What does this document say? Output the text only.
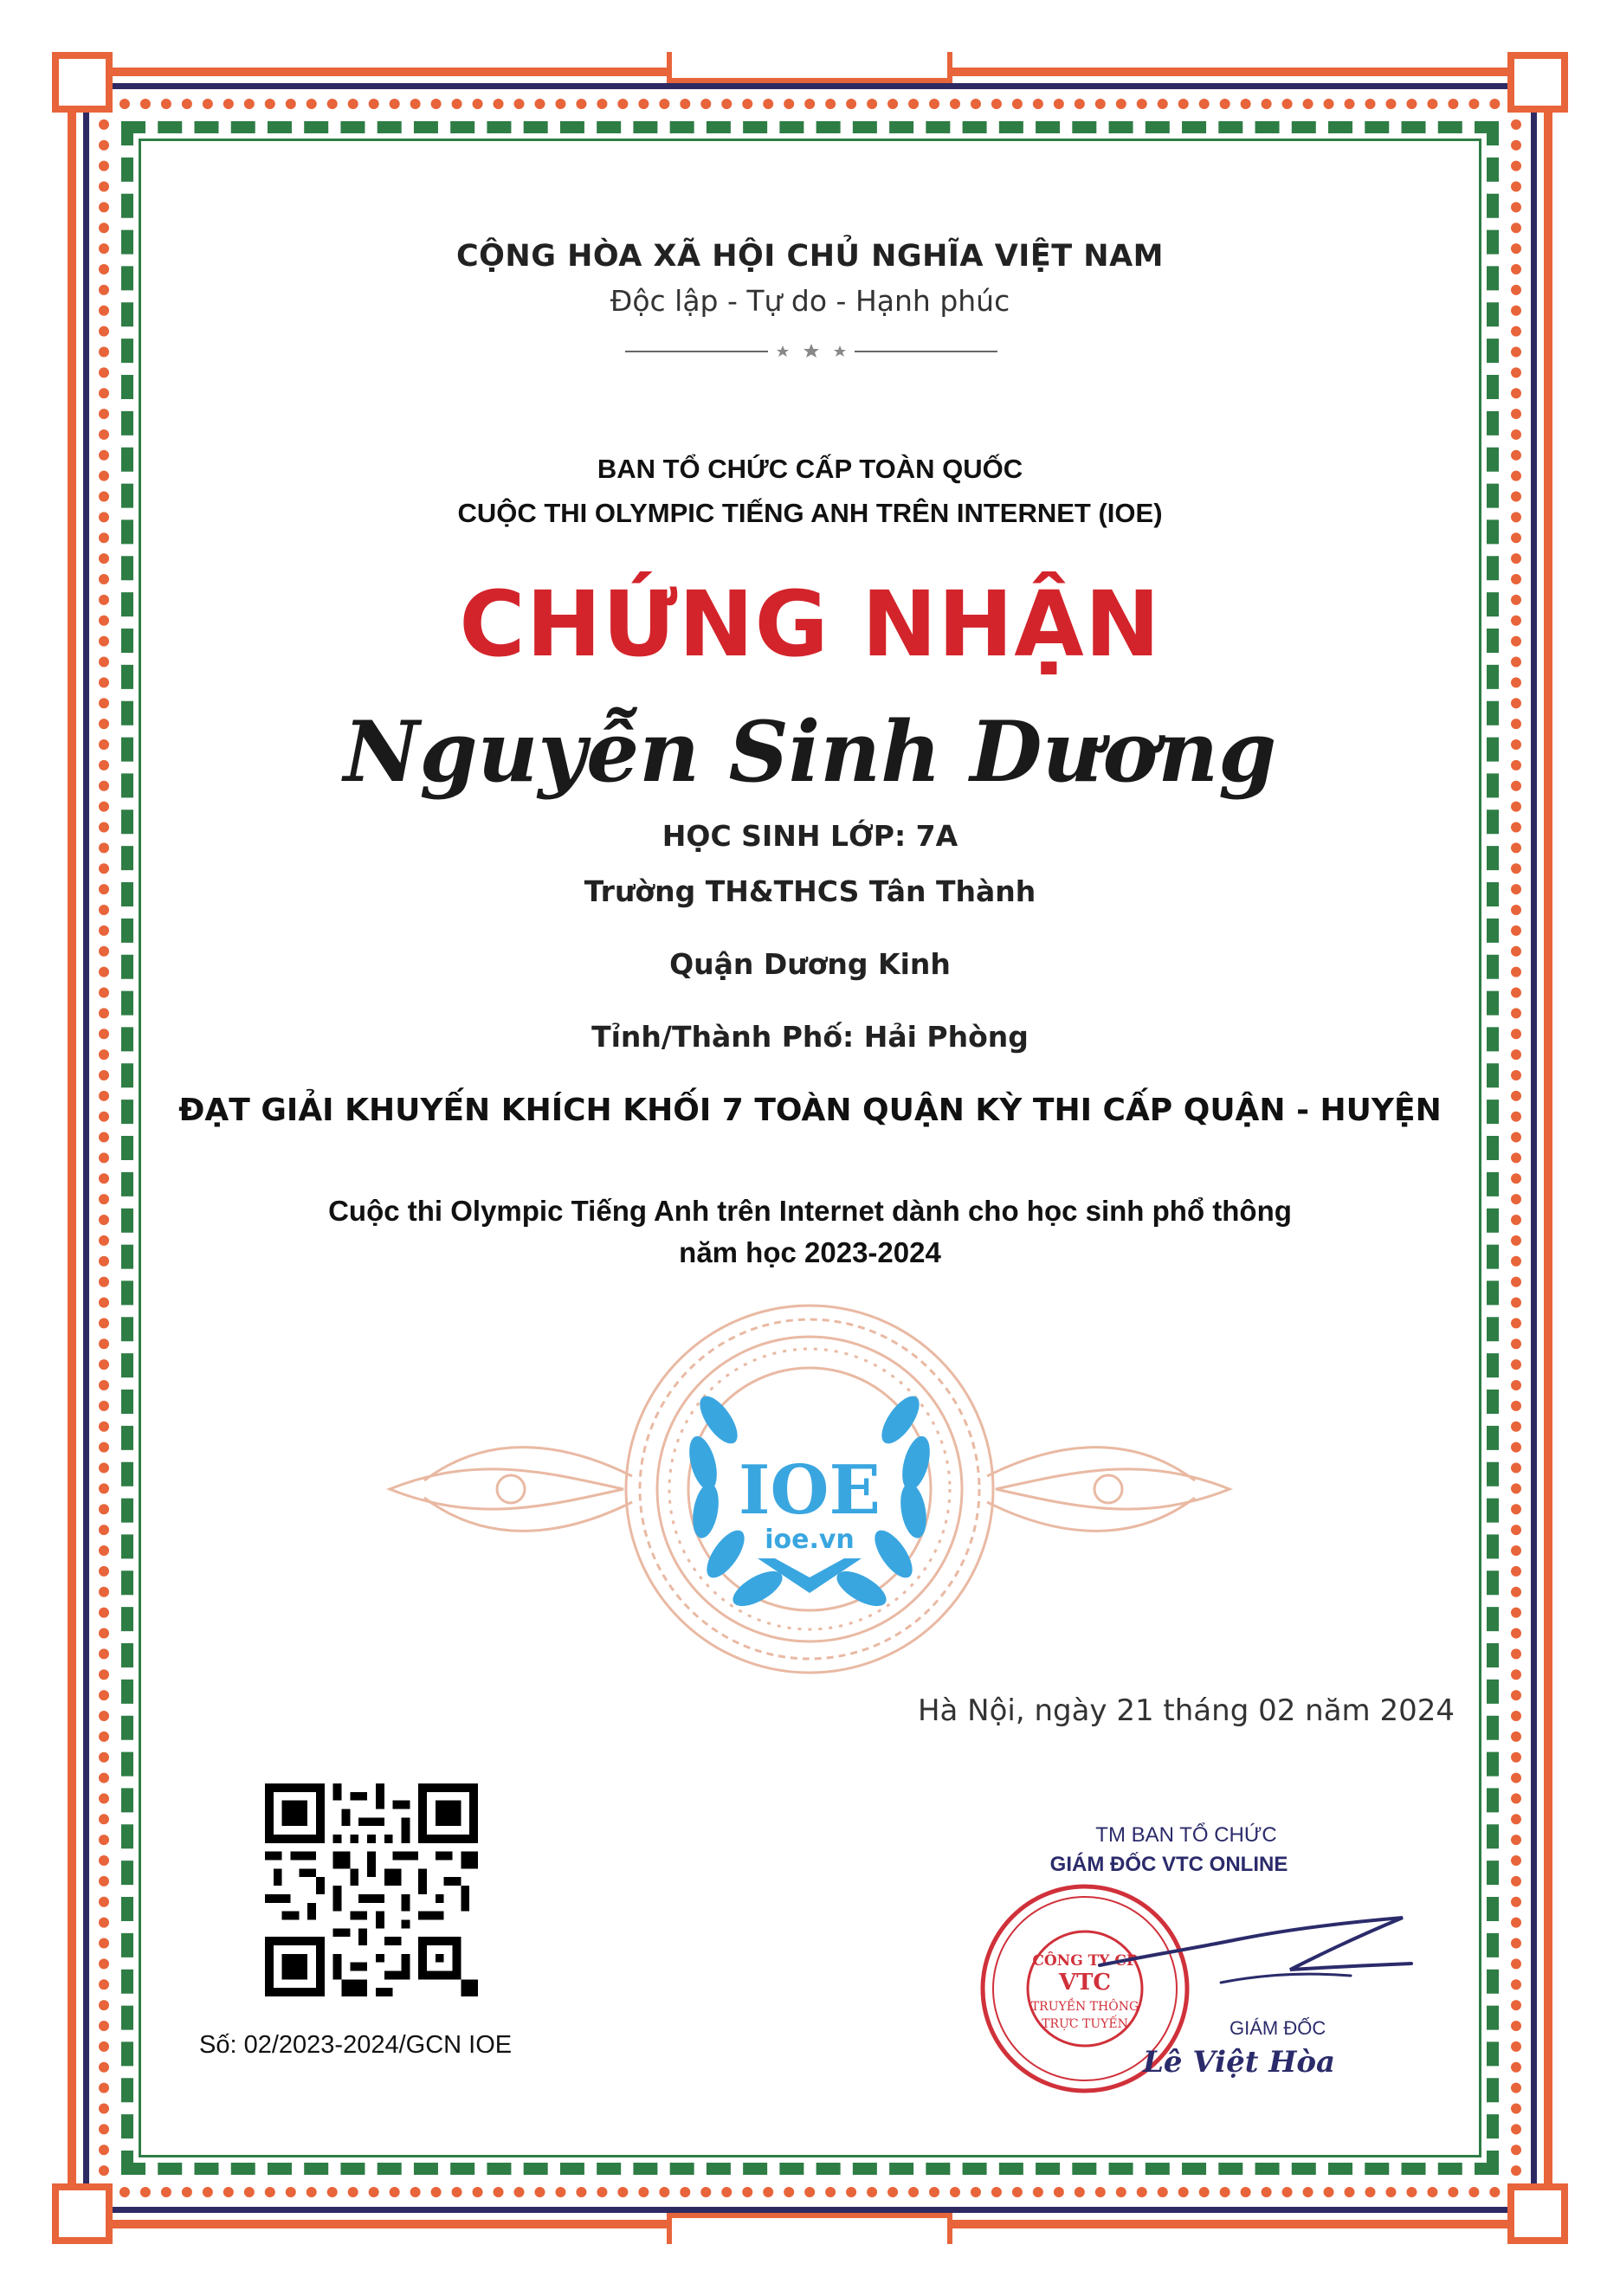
CỘNG HÒA XÃ HỘI CHỦ NGHĨA VIỆT NAM
Độc lập - Tự do - Hạnh phúc
BAN TỔ CHỨC CẤP TOÀN QUỐC
CUỘC THI OLYMPIC TIẾNG ANH TRÊN INTERNET (IOE)
CHỨNG NHẬN
Nguyễn Sinh Dương
HỌC SINH LỚP: 7A
Trường TH&THCS Tân Thành
Quận Dương Kinh
Tỉnh/Thành Phố: Hải Phòng
ĐẠT GIẢI KHUYẾN KHÍCH KHỐI 7 TOÀN QUẬN KỲ THI CẤP QUẬN - HUYỆN
Cuộc thi Olympic Tiếng Anh trên Internet dành cho học sinh phổ thông
năm học 2023-2024
IOE
ioe.vn
Hà Nội, ngày 21 tháng 02 năm 2024
Số: 02/2023-2024/GCN IOE
TM BAN TỔ CHỨC
GIÁM ĐỐC VTC ONLINE
CÔNG TY CP
VTC
TRUYỀN THÔNG
TRỰC TUYẾN	GIÁM ĐỐC
Lê Việt Hòa
